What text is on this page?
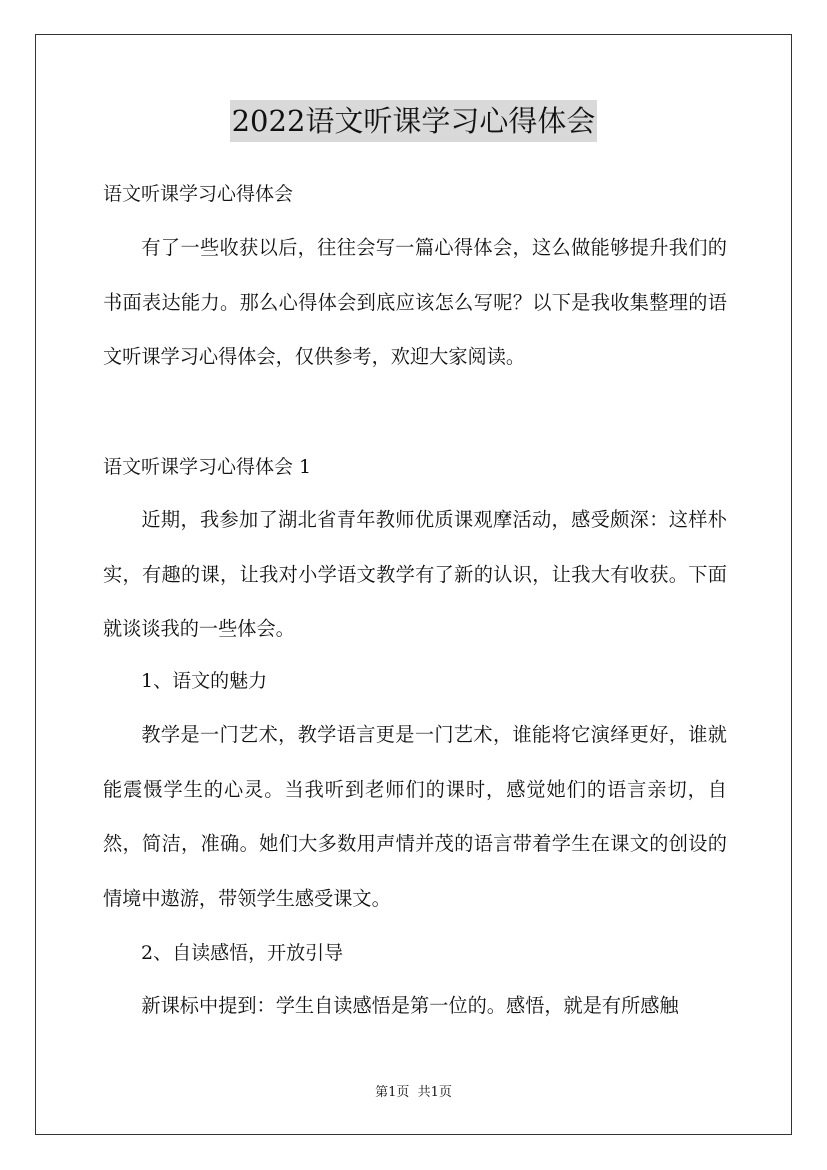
2022语文听课学习心得体会
语文听课学习心得体会

有了一些收获以后，往往会写一篇心得体会，这么做能够提升我们的书面表达能力。那么心得体会到底应该怎么写呢？以下是我收集整理的语文听课学习心得体会，仅供参考，欢迎大家阅读。

语文听课学习心得体会 1

近期，我参加了湖北省青年教师优质课观摩活动，感受颇深：这样朴实，有趣的课，让我对小学语文教学有了新的认识，让我大有收获。下面就谈谈我的一些体会。

1、语文的魅力

教学是一门艺术，教学语言更是一门艺术，谁能将它演绎更好，谁就能震慑学生的心灵。当我听到老师们的课时，感觉她们的语言亲切，自然，简洁，准确。她们大多数用声情并茂的语言带着学生在课文的创设的情境中遨游，带领学生感受课文。

2、自读感悟，开放引导

新课标中提到：学生自读感悟是第一位的。感悟，就是有所感触

第1页  共1页
